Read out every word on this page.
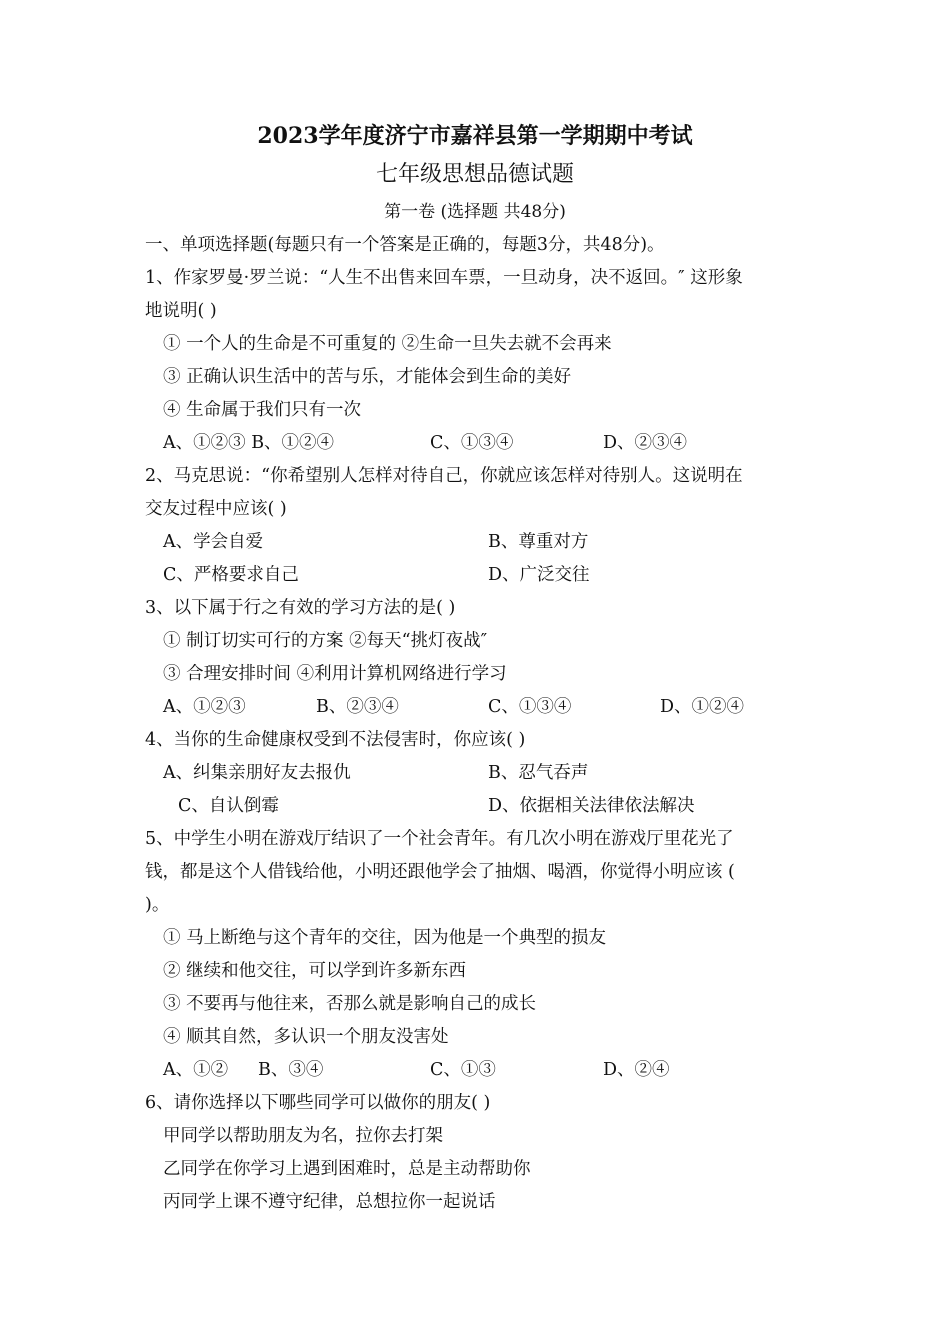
2023学年度济宁市嘉祥县第一学期期中考试
七年级思想品德试题
第一卷 (选择题 共48分)
一、单项选择题(每题只有一个答案是正确的，每题3分，共48分)。
1、作家罗曼·罗兰说：“人生不出售来回车票，一旦动身，决不返回。″ 这形象
地说明( )
① 一个人的生命是不可重复的 ②生命一旦失去就不会再来
③ 正确认识生活中的苦与乐，才能体会到生命的美好
④ 生命属于我们只有一次
A、①②③ B、①②④	C、①③④	D、②③④
2、马克思说：“你希望别人怎样对待自己，你就应该怎样对待别人。这说明在
交友过程中应该( )
A、学会自爱	B、尊重对方
C、严格要求自己	D、广泛交往
3、以下属于行之有效的学习方法的是( )
① 制订切实可行的方案 ②每天“挑灯夜战″
③ 合理安排时间 ④利用计算机网络进行学习
A、①②③	B、②③④	C、①③④	D、①②④
4、当你的生命健康权受到不法侵害时，你应该( )
A、纠集亲朋好友去报仇	B、忍气吞声
C、自认倒霉	D、依据相关法律依法解决
5、中学生小明在游戏厅结识了一个社会青年。有几次小明在游戏厅里花光了
钱，都是这个人借钱给他，小明还跟他学会了抽烟、喝酒，你觉得小明应该 (
)。
① 马上断绝与这个青年的交往，因为他是一个典型的损友
② 继续和他交往，可以学到许多新东西
③ 不要再与他往来，否那么就是影响自己的成长
④ 顺其自然，多认识一个朋友没害处
A、①② B、③④	C、①③	D、②④
6、请你选择以下哪些同学可以做你的朋友( )
甲同学以帮助朋友为名，拉你去打架
乙同学在你学习上遇到困难时，总是主动帮助你
丙同学上课不遵守纪律，总想拉你一起说话
